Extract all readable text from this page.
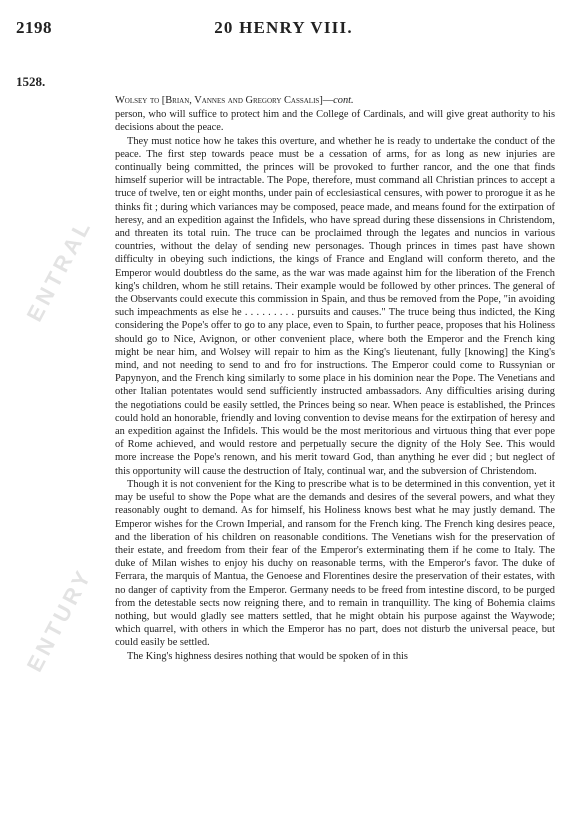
ENTRAL
ENTURY
2198	20 HENRY VIII.
1528.

Wolsey to [Brian, Vannes and Gregory Cassalis]—cont.

person, who will suffice to protect him and the College of Cardinals, and will give great authority to his decisions about the peace.

They must notice how he takes this overture, and whether he is ready to undertake the conduct of the peace. The first step towards peace must be a cessation of arms, for as long as new injuries are continually being committed, the princes will be provoked to further rancor, and the one that finds himself superior will be intractable. The Pope, therefore, must command all Christian princes to accept a truce of twelve, ten or eight months, under pain of ecclesiastical censures, with power to prorogue it as he thinks fit ; during which variances may be composed, peace made, and means found for the extirpation of heresy, and an expedition against the Infidels, who have spread during these dissensions in Christendom, and threaten its total ruin. The truce can be proclaimed through the legates and nuncios in various countries, without the delay of sending new personages. Though princes in times past have shown difficulty in obeying such indictions, the kings of France and England will conform thereto, and the Emperor would doubtless do the same, as the war was made against him for the liberation of the French king's children, whom he still retains. Their example would be followed by other princes. The general of the Observants could execute this commission in Spain, and thus be removed from the Pope, "in avoiding such impeachments as else he . . . . . . . . . pursuits and causes." The truce being thus indicted, the King considering the Pope's offer to go to any place, even to Spain, to further peace, proposes that his Holiness should go to Nice, Avignon, or other convenient place, where both the Emperor and the French king might be near him, and Wolsey will repair to him as the King's lieutenant, fully [knowing] the King's mind, and not needing to send to and fro for instructions. The Emperor could come to Russynian or Papynyon, and the French king similarly to some place in his dominion near the Pope. The Venetians and other Italian potentates would send sufficiently instructed ambassadors. Any difficulties arising during the negotiations could be easily settled, the Princes being so near. When peace is established, the Princes could hold an honorable, friendly and loving convention to devise means for the extirpation of heresy and an expedition against the Infidels. This would be the most meritorious and virtuous thing that ever pope of Rome achieved, and would restore and perpetually secure the dignity of the Holy See. This would more increase the Pope's renown, and his merit toward God, than anything he ever did ; but neglect of this opportunity will cause the destruction of Italy, continual war, and the subversion of Christendom.

Though it is not convenient for the King to prescribe what is to be determined in this convention, yet it may be useful to show the Pope what are the demands and desires of the several powers, and what they reasonably ought to demand. As for himself, his Holiness knows best what he may justly demand. The Emperor wishes for the Crown Imperial, and ransom for the French king. The French king desires peace, and the liberation of his children on reasonable conditions. The Venetians wish for the preservation of their estate, and freedom from their fear of the Emperor's exterminating them if he come to Italy. The duke of Milan wishes to enjoy his duchy on reasonable terms, with the Emperor's favor. The duke of Ferrara, the marquis of Mantua, the Genoese and Florentines desire the preservation of their estates, with no danger of captivity from the Emperor. Germany needs to be freed from intestine discord, to be purged from the detestable sects now reigning there, and to remain in tranquillity. The king of Bohemia claims nothing, but would gladly see matters settled, that he might obtain his purpose against the Waywode; which quarrel, with others in which the Emperor has no part, does not disturb the universal peace, but could easily be settled.

The King's highness desires nothing that would be spoken of in this
